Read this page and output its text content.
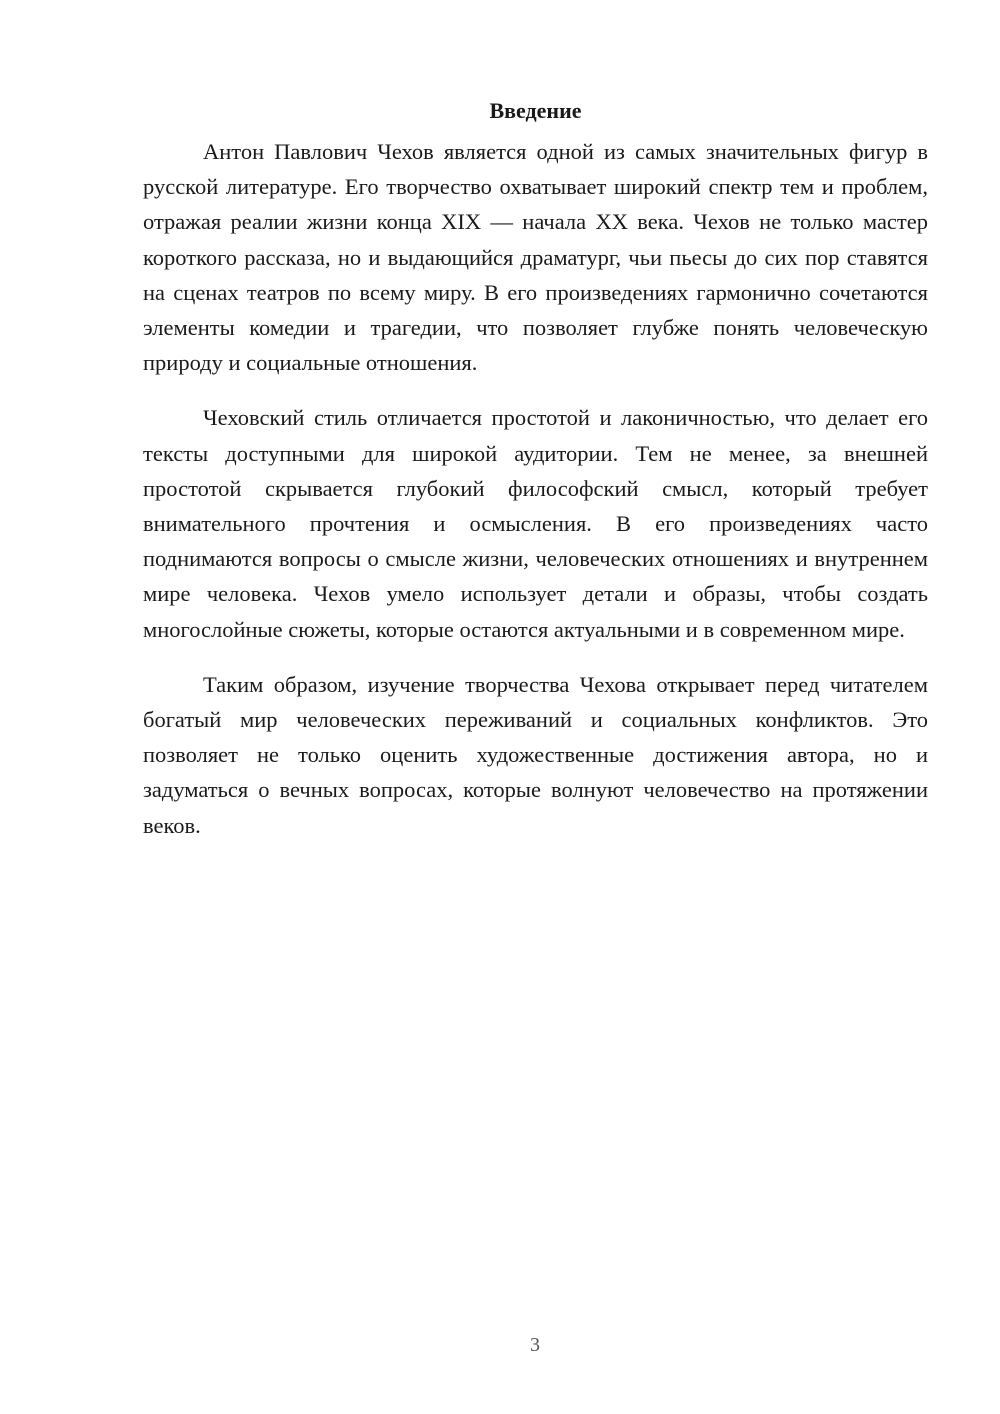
Введение

Антон Павлович Чехов является одной из самых значительных фигур в русской литературе. Его творчество охватывает широкий спектр тем и проблем, отражая реалии жизни конца XIX — начала XX века. Чехов не только мастер короткого рассказа, но и выдающийся драматург, чьи пьесы до сих пор ставятся на сценах театров по всему миру. В его произведениях гармонично сочетаются элементы комедии и трагедии, что позволяет глубже понять человеческую природу и социальные отношения.

Чеховский стиль отличается простотой и лаконичностью, что делает его тексты доступными для широкой аудитории. Тем не менее, за внешней простотой скрывается глубокий философский смысл, который требует внимательного прочтения и осмысления. В его произведениях часто поднимаются вопросы о смысле жизни, человеческих отношениях и внутреннем мире человека. Чехов умело использует детали и образы, чтобы создать многослойные сюжеты, которые остаются актуальными и в современном мире.

Таким образом, изучение творчества Чехова открывает перед читателем богатый мир человеческих переживаний и социальных конфликтов. Это позволяет не только оценить художественные достижения автора, но и задуматься о вечных вопросах, которые волнуют человечество на протяжении веков.

3
